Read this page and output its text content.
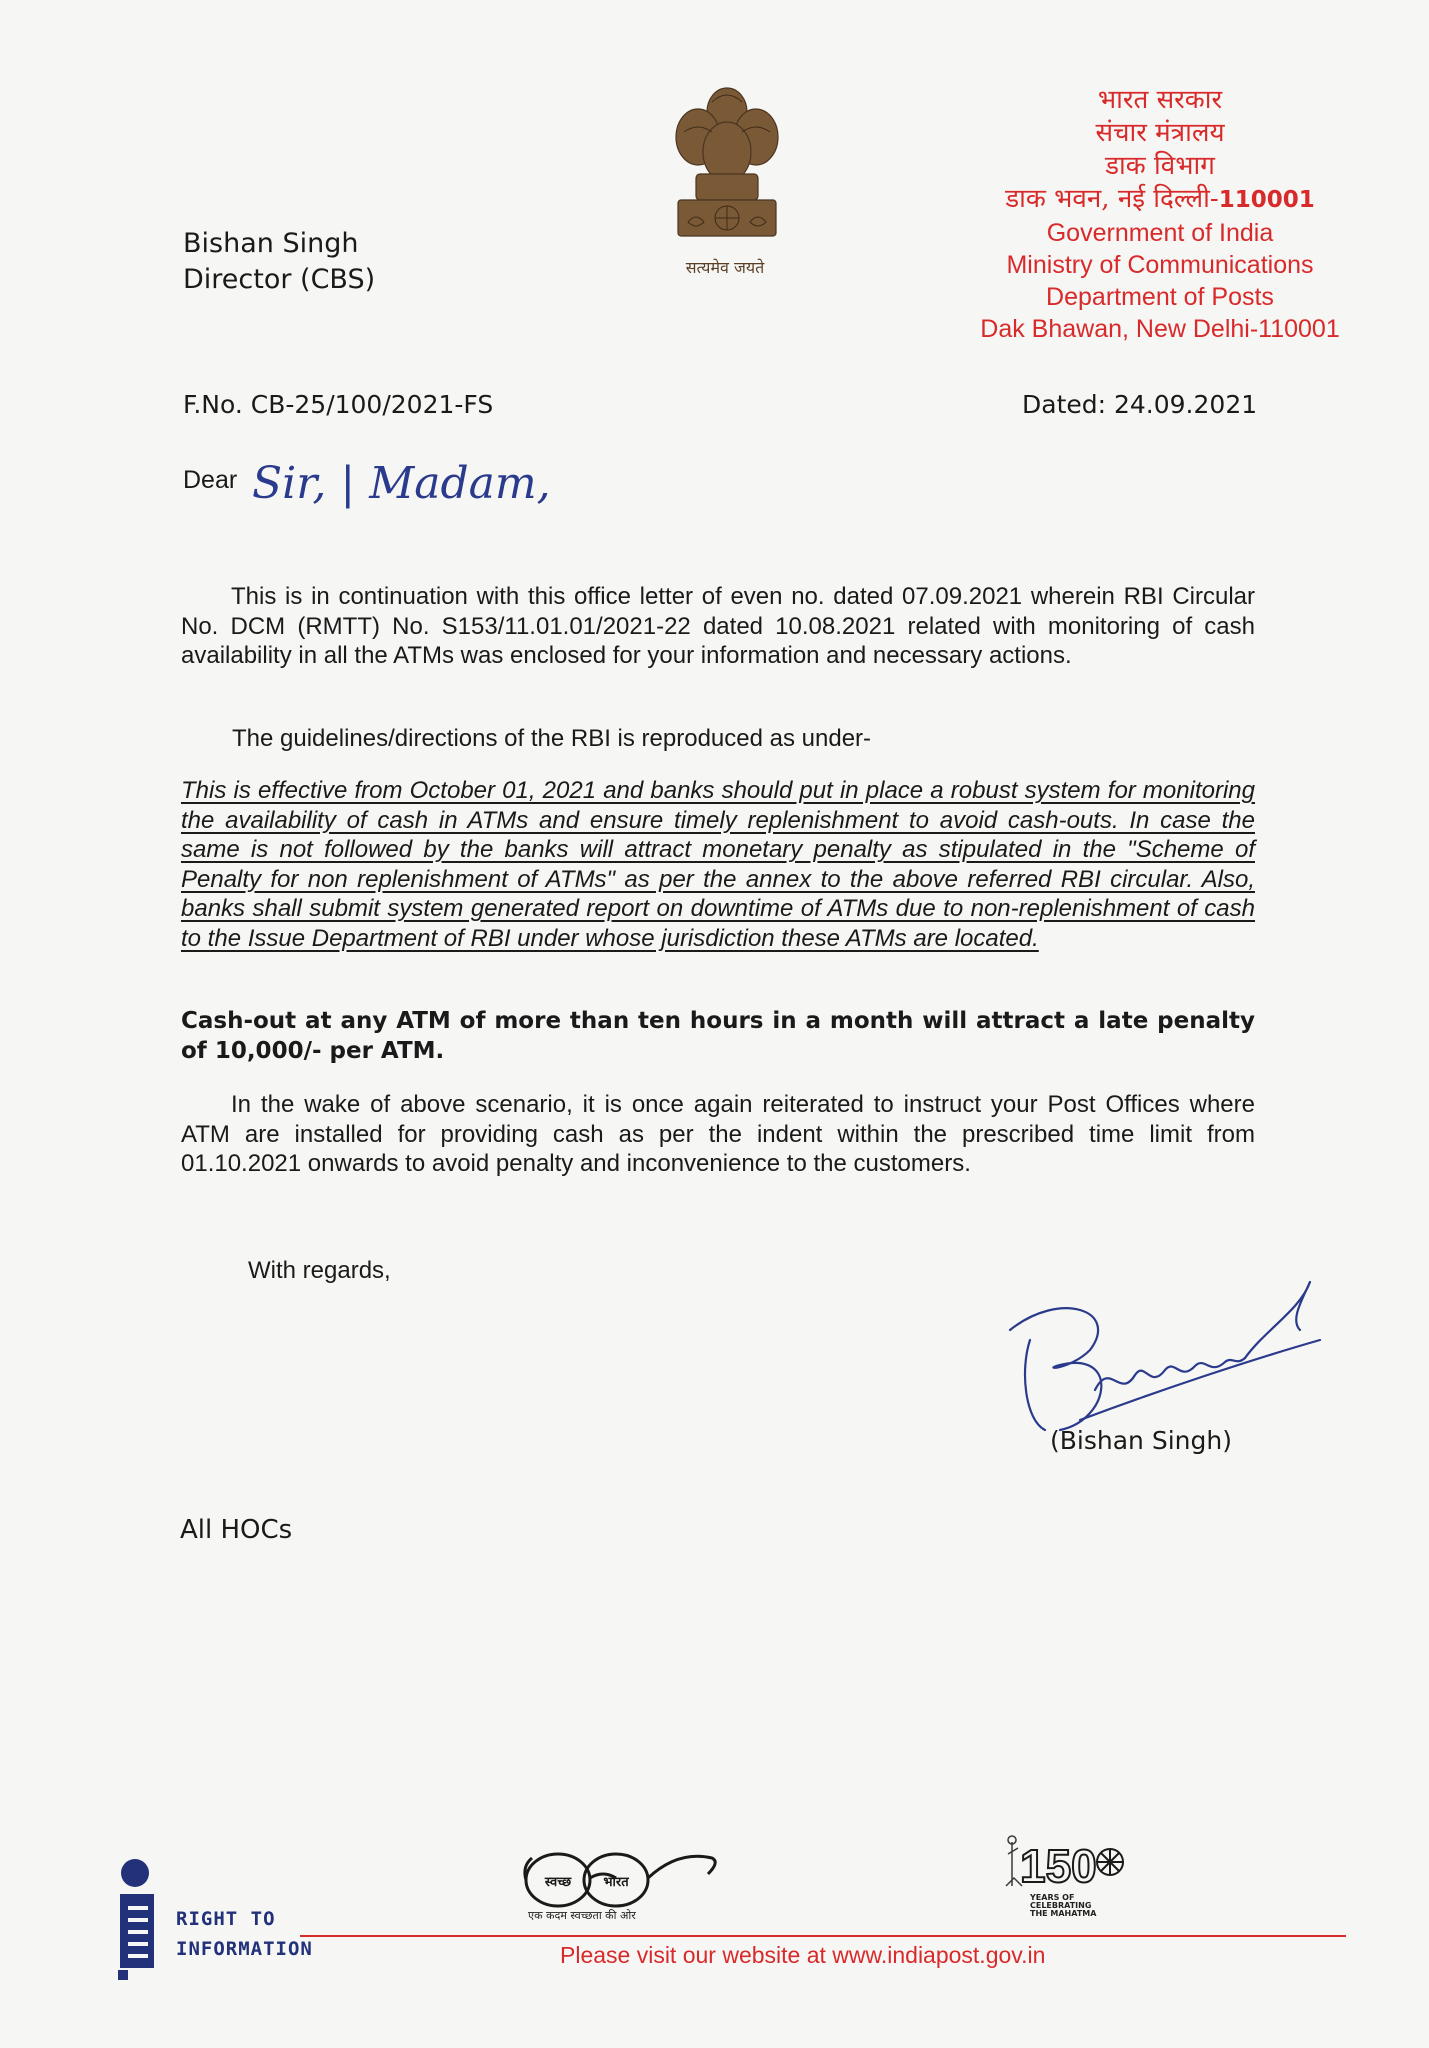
Bishan Singh
Director (CBS)	सत्यमेव जयते
भारत सरकार
संचार मंत्रालय
डाक विभाग
डाक भवन, नई दिल्ली-110001
Government of India
Ministry of Communications
Department of Posts
Dak Bhawan, New Delhi-110001
F.No. CB-25/100/2021-FS	Dated: 24.09.2021
Dear Sir, | Madam,
This is in continuation with this office letter of even no. dated 07.09.2021 wherein RBI Circular No. DCM (RMTT) No. S153/11.01.01/2021-22 dated 10.08.2021 related with monitoring of cash availability in all the ATMs was enclosed for your information and necessary actions.
The guidelines/directions of the RBI is reproduced as under-
This is effective from October 01, 2021 and banks should put in place a robust system for monitoring the availability of cash in ATMs and ensure timely replenishment to avoid cash-outs. In case the same is not followed by the banks will attract monetary penalty as stipulated in the "Scheme of Penalty for non replenishment of ATMs" as per the annex to the above referred RBI circular. Also, banks shall submit system generated report on downtime of ATMs due to non-replenishment of cash to the Issue Department of RBI under whose jurisdiction these ATMs are located.
Cash-out at any ATM of more than ten hours in a month will attract a late penalty of 10,000/- per ATM.
In the wake of above scenario, it is once again reiterated to instruct your Post Offices where ATM are installed for providing cash as per the indent within the prescribed time limit from 01.10.2021 onwards to avoid penalty and inconvenience to the customers.
With regards,
(Bishan Singh)
All HOCs
RIGHT TO
INFORMATION
स्वच्छ भारत
एक कदम स्वच्छता की ओर
150
YEARS OF
CELEBRATING
THE MAHATMA
Please visit our website at www.indiapost.gov.in
